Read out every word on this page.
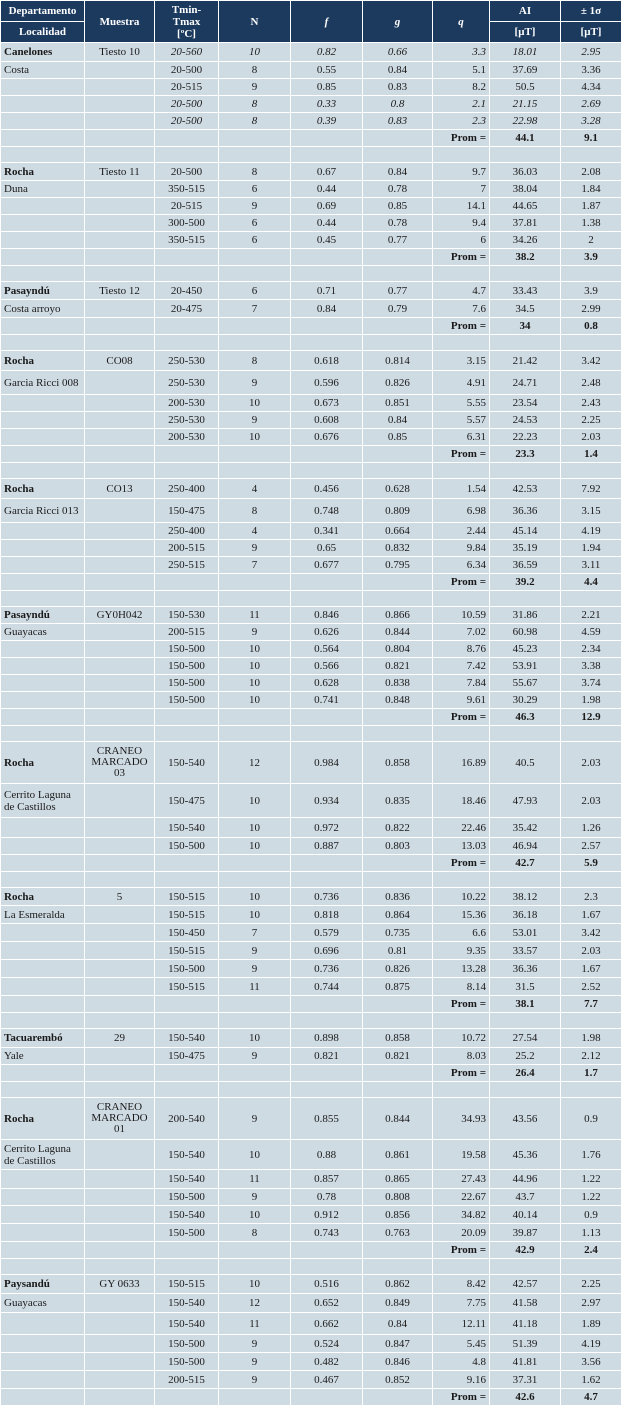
Departamento	Muestra	Tmin-
Tmax
[ºC]	N	f	g	q	AI	± 1σ
Localidad							[μT]	[μT]
Canelones	Tiesto 10	20-560	10	0.82	0.66	3.3	18.01	2.95
Costa		20-500	8	0.55	0.84	5.1	37.69	3.36
		20-515	9	0.85	0.83	8.2	50.5	4.34
		20-500	8	0.33	0.8	2.1	21.15	2.69
		20-500	8	0.39	0.83	2.3	22.98	3.28
						Prom =	44.1	9.1

Rocha	Tiesto 11	20-500	8	0.67	0.84	9.7	36.03	2.08
Duna		350-515	6	0.44	0.78	7	38.04	1.84
		20-515	9	0.69	0.85	14.1	44.65	1.87
		300-500	6	0.44	0.78	9.4	37.81	1.38
		350-515	6	0.45	0.77	6	34.26	2
						Prom =	38.2	3.9

Pasayndú	Tiesto 12	20-450	6	0.71	0.77	4.7	33.43	3.9
Costa arroyo		20-475	7	0.84	0.79	7.6	34.5	2.99
						Prom =	34	0.8

Rocha	CO08	250-530	8	0.618	0.814	3.15	21.42	3.42
Garcia Ricci 008		250-530	9	0.596	0.826	4.91	24.71	2.48
		200-530	10	0.673	0.851	5.55	23.54	2.43
		250-530	9	0.608	0.84	5.57	24.53	2.25
		200-530	10	0.676	0.85	6.31	22.23	2.03
						Prom =	23.3	1.4

Rocha	CO13	250-400	4	0.456	0.628	1.54	42.53	7.92
Garcia Ricci 013		150-475	8	0.748	0.809	6.98	36.36	3.15
		250-400	4	0.341	0.664	2.44	45.14	4.19
		200-515	9	0.65	0.832	9.84	35.19	1.94
		250-515	7	0.677	0.795	6.34	36.59	3.11
						Prom =	39.2	4.4

Pasayndú	GY0H042	150-530	11	0.846	0.866	10.59	31.86	2.21
Guayacas		200-515	9	0.626	0.844	7.02	60.98	4.59
		150-500	10	0.564	0.804	8.76	45.23	2.34
		150-500	10	0.566	0.821	7.42	53.91	3.38
		150-500	10	0.628	0.838	7.84	55.67	3.74
		150-500	10	0.741	0.848	9.61	30.29	1.98
						Prom =	46.3	12.9

Rocha	CRANEO MARCADO 03	150-540	12	0.984	0.858	16.89	40.5	2.03
Cerrito Laguna de Castillos		150-475	10	0.934	0.835	18.46	47.93	2.03
		150-540	10	0.972	0.822	22.46	35.42	1.26
		150-500	10	0.887	0.803	13.03	46.94	2.57
						Prom =	42.7	5.9

Rocha	5	150-515	10	0.736	0.836	10.22	38.12	2.3
La Esmeralda		150-515	10	0.818	0.864	15.36	36.18	1.67
		150-450	7	0.579	0.735	6.6	53.01	3.42
		150-515	9	0.696	0.81	9.35	33.57	2.03
		150-500	9	0.736	0.826	13.28	36.36	1.67
		150-515	11	0.744	0.875	8.14	31.5	2.52
						Prom =	38.1	7.7

Tacuarembó	29	150-540	10	0.898	0.858	10.72	27.54	1.98
Yale		150-475	9	0.821	0.821	8.03	25.2	2.12
						Prom =	26.4	1.7

Rocha	CRANEO MARCADO 01	200-540	9	0.855	0.844	34.93	43.56	0.9
Cerrito Laguna de Castillos		150-540	10	0.88	0.861	19.58	45.36	1.76
		150-540	11	0.857	0.865	27.43	44.96	1.22
		150-500	9	0.78	0.808	22.67	43.7	1.22
		150-540	10	0.912	0.856	34.82	40.14	0.9
		150-500	8	0.743	0.763	20.09	39.87	1.13
						Prom =	42.9	2.4

Paysandú	GY 0633	150-515	10	0.516	0.862	8.42	42.57	2.25
Guayacas		150-540	12	0.652	0.849	7.75	41.58	2.97
		150-540	11	0.662	0.84	12.11	41.18	1.89
		150-500	9	0.524	0.847	5.45	51.39	4.19
		150-500	9	0.482	0.846	4.8	41.81	3.56
		200-515	9	0.467	0.852	9.16	37.31	1.62
						Prom =	42.6	4.7
